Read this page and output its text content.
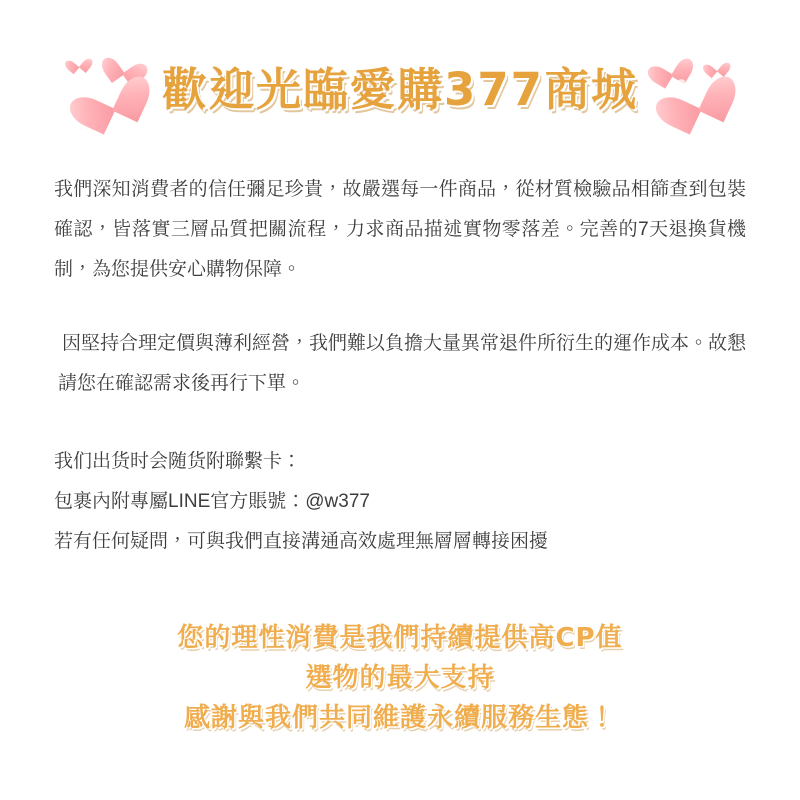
歡迎光臨愛購377商城

我們深知消費者的信任彌足珍貴，故嚴選每一件商品，從材質檢驗品相篩查到包裝確認，皆落實三層品質把關流程，力求商品描述實物零落差。完善的7天退換貨機制，為您提供安心購物保障。

因堅持合理定價與薄利經營，我們難以負擔大量異常退件所衍生的運作成本。故懇請您在確認需求後再行下單。

我们出货时会随货附聯繫卡：
包裹內附專屬LINE官方賬號：@w377
若有任何疑問，可與我們直接溝通高效處理無層層轉接困擾
您的理性消費是我們持續提供高CP值
選物的最大支持
感謝與我們共同維護永續服務生態！
